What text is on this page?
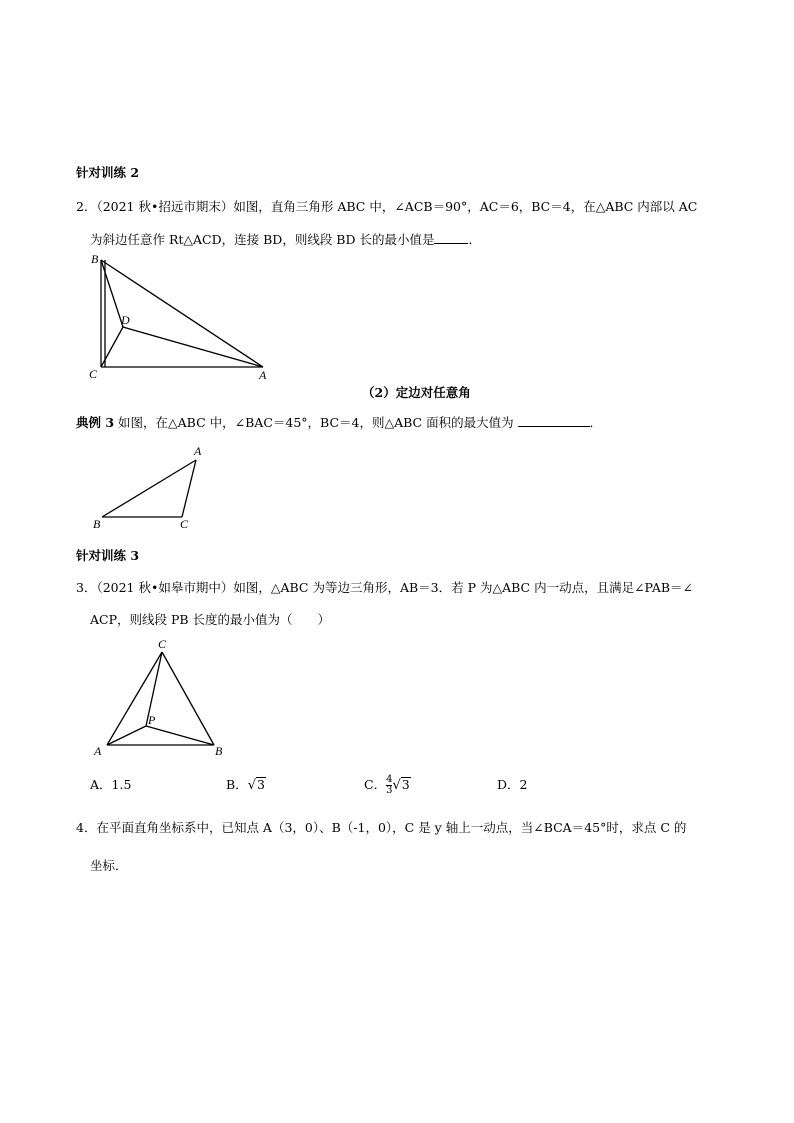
针对训练 2
2．（2021 秋•招远市期末）如图，直角三角形 ABC 中，∠ACB＝90°，AC＝6，BC＝4，在△ABC 内部以 AC
为斜边任意作 Rt△ACD，连接 BD，则线段 BD 长的最小值是	．
B
C
D
A
（2）定边对任意角
典例 3 如图，在△ABC 中，∠BAC＝45°，BC＝4，则△ABC 面积的最大值为	．
A
B	C
针对训练 3
3．（2021 秋•如皋市期中）如图，△ABC 为等边三角形，AB＝3．若 P 为△ABC 内一动点，且满足∠PAB＝∠
ACP，则线段 PB 长度的最小值为（　　）
C
P
A	B
A．1.5	B．√3	C． $\frac{4}{3} √3$	D．2
4．在平面直角坐标系中，已知点 A（3，0）、B（-1，0），C 是 y 轴上一动点，当∠BCA＝45°时，求点 C 的
坐标．
